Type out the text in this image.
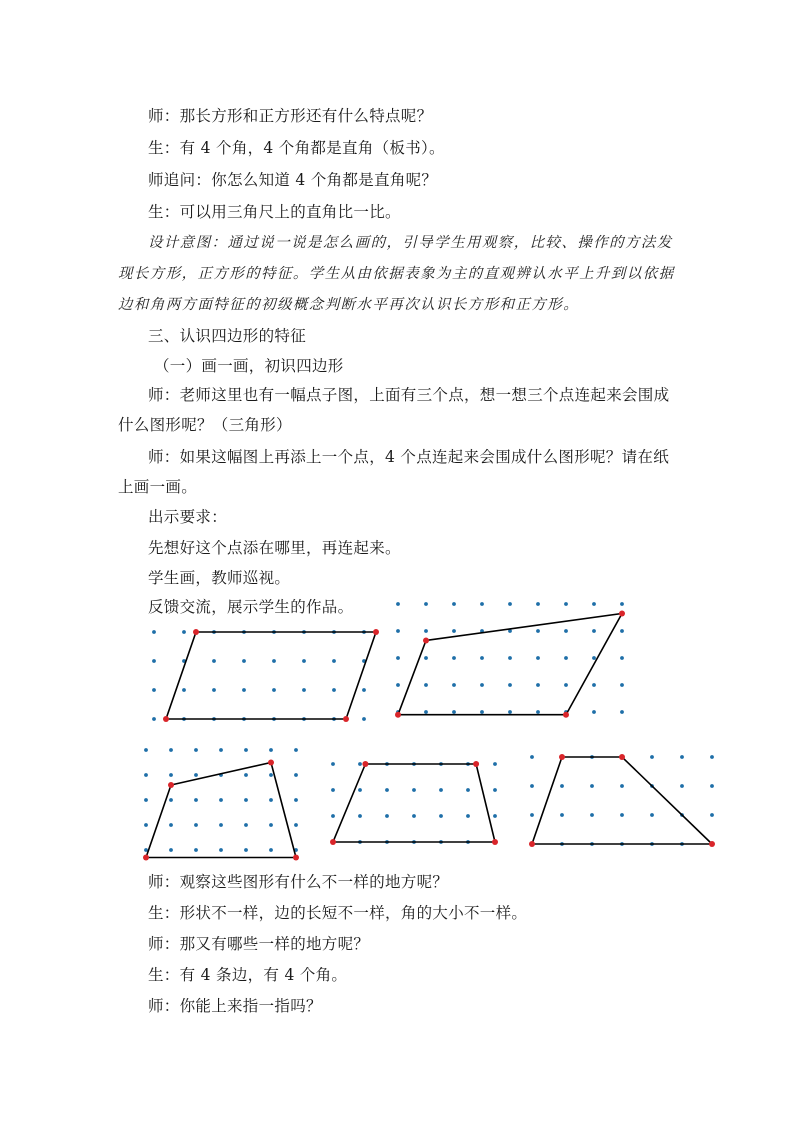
师：那长方形和正方形还有什么特点呢？
生：有 4 个角，4 个角都是直角（板书）。
师追问：你怎么知道 4 个角都是直角呢？
生：可以用三角尺上的直角比一比。
设计意图：通过说一说是怎么画的，引导学生用观察，比较、操作的方法发
现长方形，正方形的特征。学生从由依据表象为主的直观辨认水平上升到以依据
边和角两方面特征的初级概念判断水平再次认识长方形和正方形。
三、认识四边形的特征
（一）画一画，初识四边形
师：老师这里也有一幅点子图，上面有三个点，想一想三个点连起来会围成
什么图形呢？（三角形）
师：如果这幅图上再添上一个点，4 个点连起来会围成什么图形呢？请在纸
上画一画。
出示要求：
先想好这个点添在哪里，再连起来。
学生画，教师巡视。
反馈交流，展示学生的作品。
师：观察这些图形有什么不一样的地方呢？
生：形状不一样，边的长短不一样，角的大小不一样。
师：那又有哪些一样的地方呢？
生：有 4 条边，有 4 个角。
师：你能上来指一指吗？
